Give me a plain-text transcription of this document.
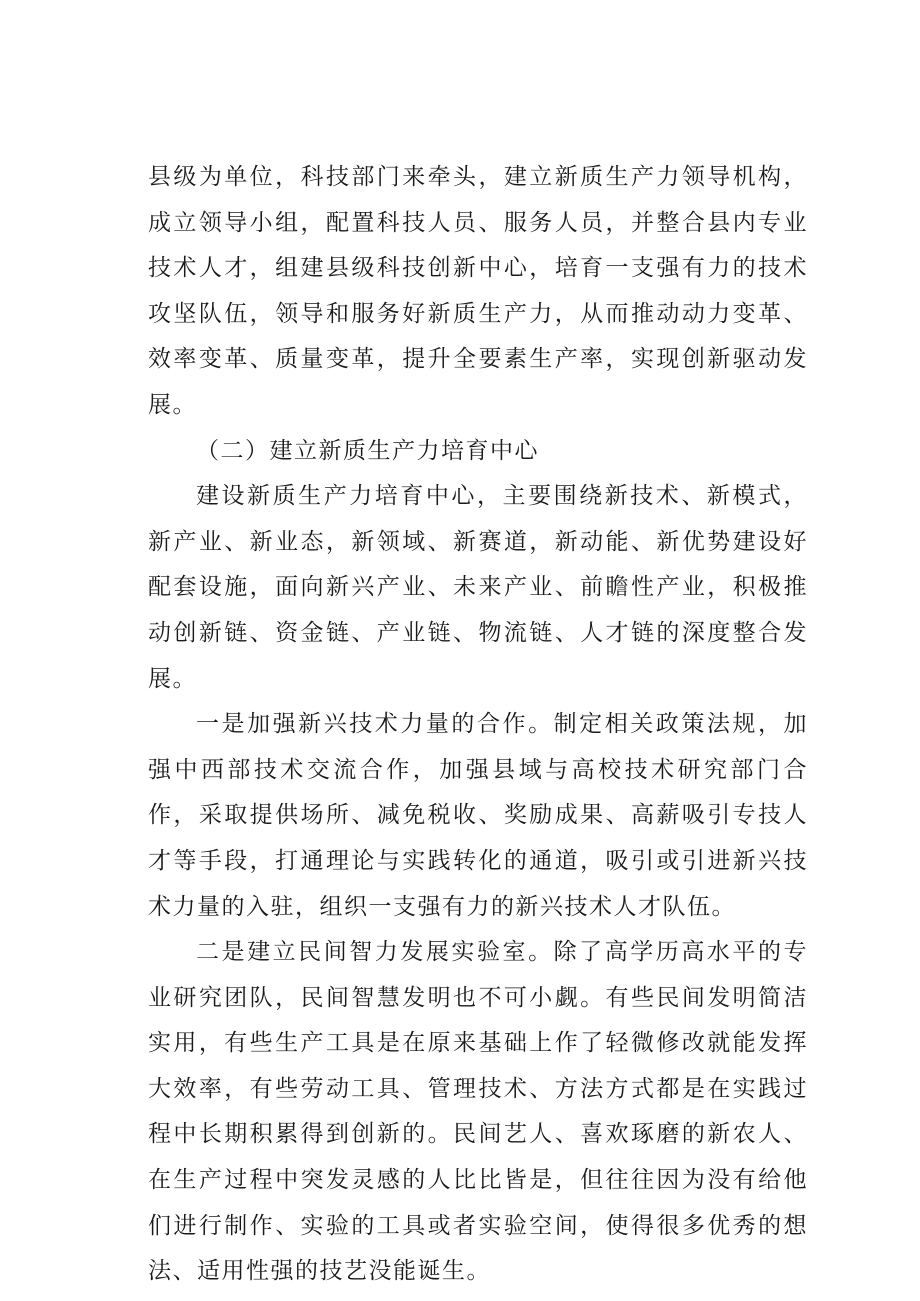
县级为单位，科技部门来牵头，建立新质生产力领导机构，成立领导小组，配置科技人员、服务人员，并整合县内专业技术人才，组建县级科技创新中心，培育一支强有力的技术攻坚队伍，领导和服务好新质生产力，从而推动动力变革、效率变革、质量变革，提升全要素生产率，实现创新驱动发展。

（二）建立新质生产力培育中心

建设新质生产力培育中心，主要围绕新技术、新模式，新产业、新业态，新领域、新赛道，新动能、新优势建设好配套设施，面向新兴产业、未来产业、前瞻性产业，积极推动创新链、资金链、产业链、物流链、人才链的深度整合发展。

一是加强新兴技术力量的合作。制定相关政策法规，加强中西部技术交流合作，加强县域与高校技术研究部门合作，采取提供场所、减免税收、奖励成果、高薪吸引专技人才等手段，打通理论与实践转化的通道，吸引或引进新兴技术力量的入驻，组织一支强有力的新兴技术人才队伍。

二是建立民间智力发展实验室。除了高学历高水平的专业研究团队，民间智慧发明也不可小觑。有些民间发明简洁实用，有些生产工具是在原来基础上作了轻微修改就能发挥大效率，有些劳动工具、管理技术、方法方式都是在实践过程中长期积累得到创新的。民间艺人、喜欢琢磨的新农人、在生产过程中突发灵感的人比比皆是，但往往因为没有给他们进行制作、实验的工具或者实验空间，使得很多优秀的想法、适用性强的技艺没能诞生。
